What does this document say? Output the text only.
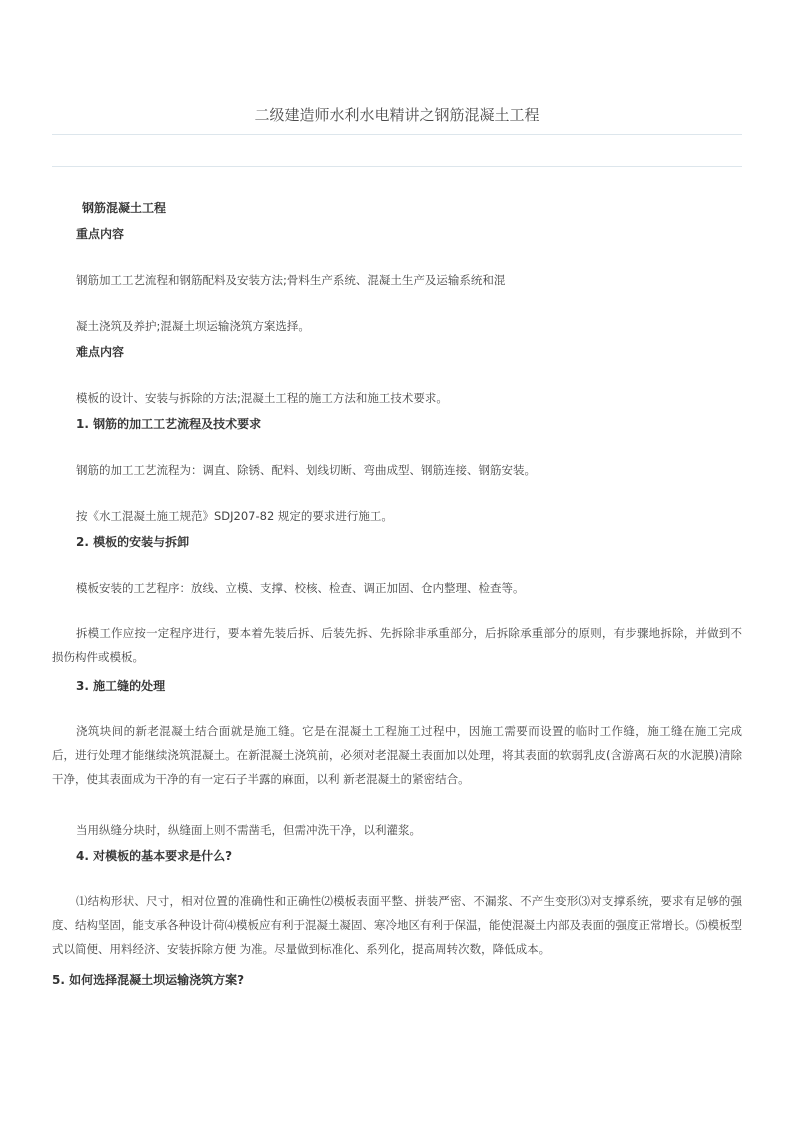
二级建造师水利水电精讲之钢筋混凝土工程
钢筋混凝土工程
重点内容
钢筋加工工艺流程和钢筋配料及安装方法;骨料生产系统、混凝土生产及运输系统和混
凝土浇筑及养护;混凝土坝运输浇筑方案选择。
难点内容
模板的设计、安装与拆除的方法;混凝土工程的施工方法和施工技术要求。
1. 钢筋的加工工艺流程及技术要求
钢筋的加工工艺流程为：调直、除锈、配料、划线切断、弯曲成型、钢筋连接、钢筋安装。
按《水工混凝土施工规范》SDJ207-82 规定的要求进行施工。
2. 模板的安装与拆卸
模板安装的工艺程序：放线、立模、支撑、校核、检查、调正加固、仓内整理、检查等。
拆模工作应按一定程序进行，要本着先装后拆、后装先拆、先拆除非承重部分，后拆除承重部分的原则，有步骤地拆除，并做到不损伤构件或模板。
3. 施工缝的处理
浇筑块间的新老混凝土结合面就是施工缝。它是在混凝土工程施工过程中，因施工需要而设置的临时工作缝，施工缝在施工完成后，进行处理才能继续浇筑混凝土。在新混凝土浇筑前，必须对老混凝土表面加以处理，将其表面的软弱乳皮(含游离石灰的水泥膜)清除干净，使其表面成为干净的有一定石子半露的麻面，以利 新老混凝土的紧密结合。
当用纵缝分块时，纵缝面上则不需凿毛，但需冲洗干净，以利灌浆。
4. 对模板的基本要求是什么?
⑴结构形状、尺寸，相对位置的准确性和正确性⑵模板表面平整、拼装严密、不漏浆、不产生变形⑶对支撑系统，要求有足够的强度、结构坚固，能支承各种设计荷⑷模板应有利于混凝土凝固、寒冷地区有利于保温，能使混凝土内部及表面的强度正常增长。⑸模板型式以简便、用料经济、安装拆除方便 为准。尽量做到标准化、系列化，提高周转次数，降低成本。
5. 如何选择混凝土坝运输浇筑方案?
